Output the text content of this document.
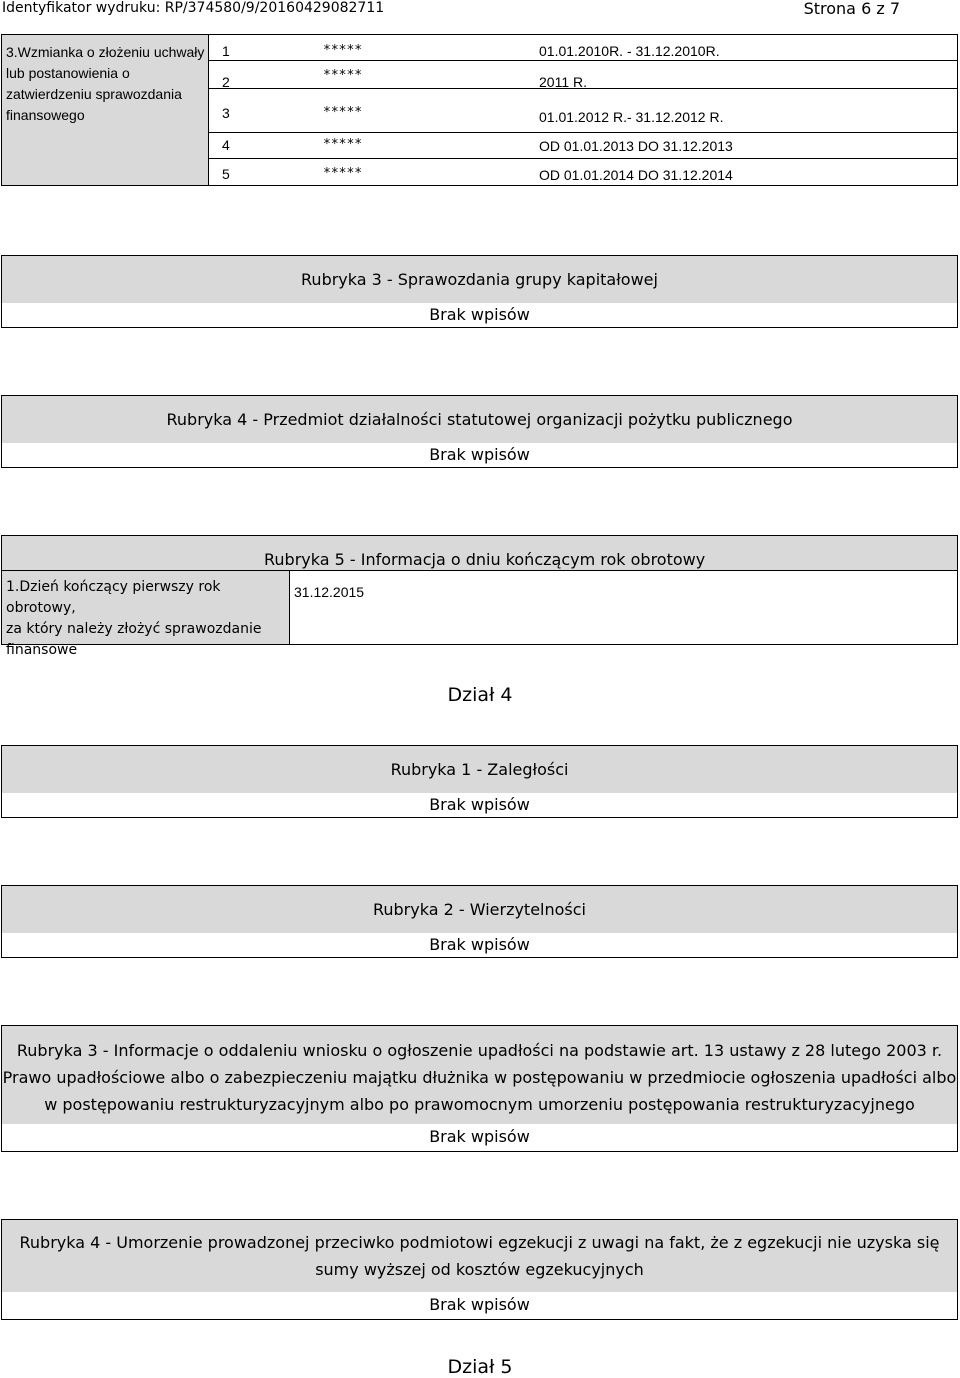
Identyfikator wydruku: RP/374580/9/20160429082711	Strona 6 z 7
3.Wzmianka o złożeniu uchwały
lub postanowienia o
zatwierdzeniu sprawozdania
finansowego
1	*****	01.01.2010R. - 31.12.2010R.
2	*****	2011 R.
3	*****	01.01.2012 R.- 31.12.2012 R.
4	*****	OD 01.01.2013 DO 31.12.2013
5	*****	OD 01.01.2014 DO 31.12.2014
Rubryka 3 - Sprawozdania grupy kapitałowej
Brak wpisów
Rubryka 4 - Przedmiot działalności statutowej organizacji pożytku publicznego
Brak wpisów
Rubryka 5 - Informacja o dniu kończącym rok obrotowy
1.Dzień kończący pierwszy rok obrotowy,
za który należy złożyć sprawozdanie
finansowe
31.12.2015
Dział 4
Rubryka 1 - Zaległości
Brak wpisów
Rubryka 2 - Wierzytelności
Brak wpisów
Rubryka 3 - Informacje o oddaleniu wniosku o ogłoszenie upadłości na podstawie art. 13 ustawy z 28 lutego 2003 r.
Prawo upadłościowe albo o zabezpieczeniu majątku dłużnika w postępowaniu w przedmiocie ogłoszenia upadłości albo
w postępowaniu restrukturyzacyjnym albo po prawomocnym umorzeniu postępowania restrukturyzacyjnego
Brak wpisów
Rubryka 4 - Umorzenie prowadzonej przeciwko podmiotowi egzekucji z uwagi na fakt, że z egzekucji nie uzyska się
sumy wyższej od kosztów egzekucyjnych
Brak wpisów
Dział 5
